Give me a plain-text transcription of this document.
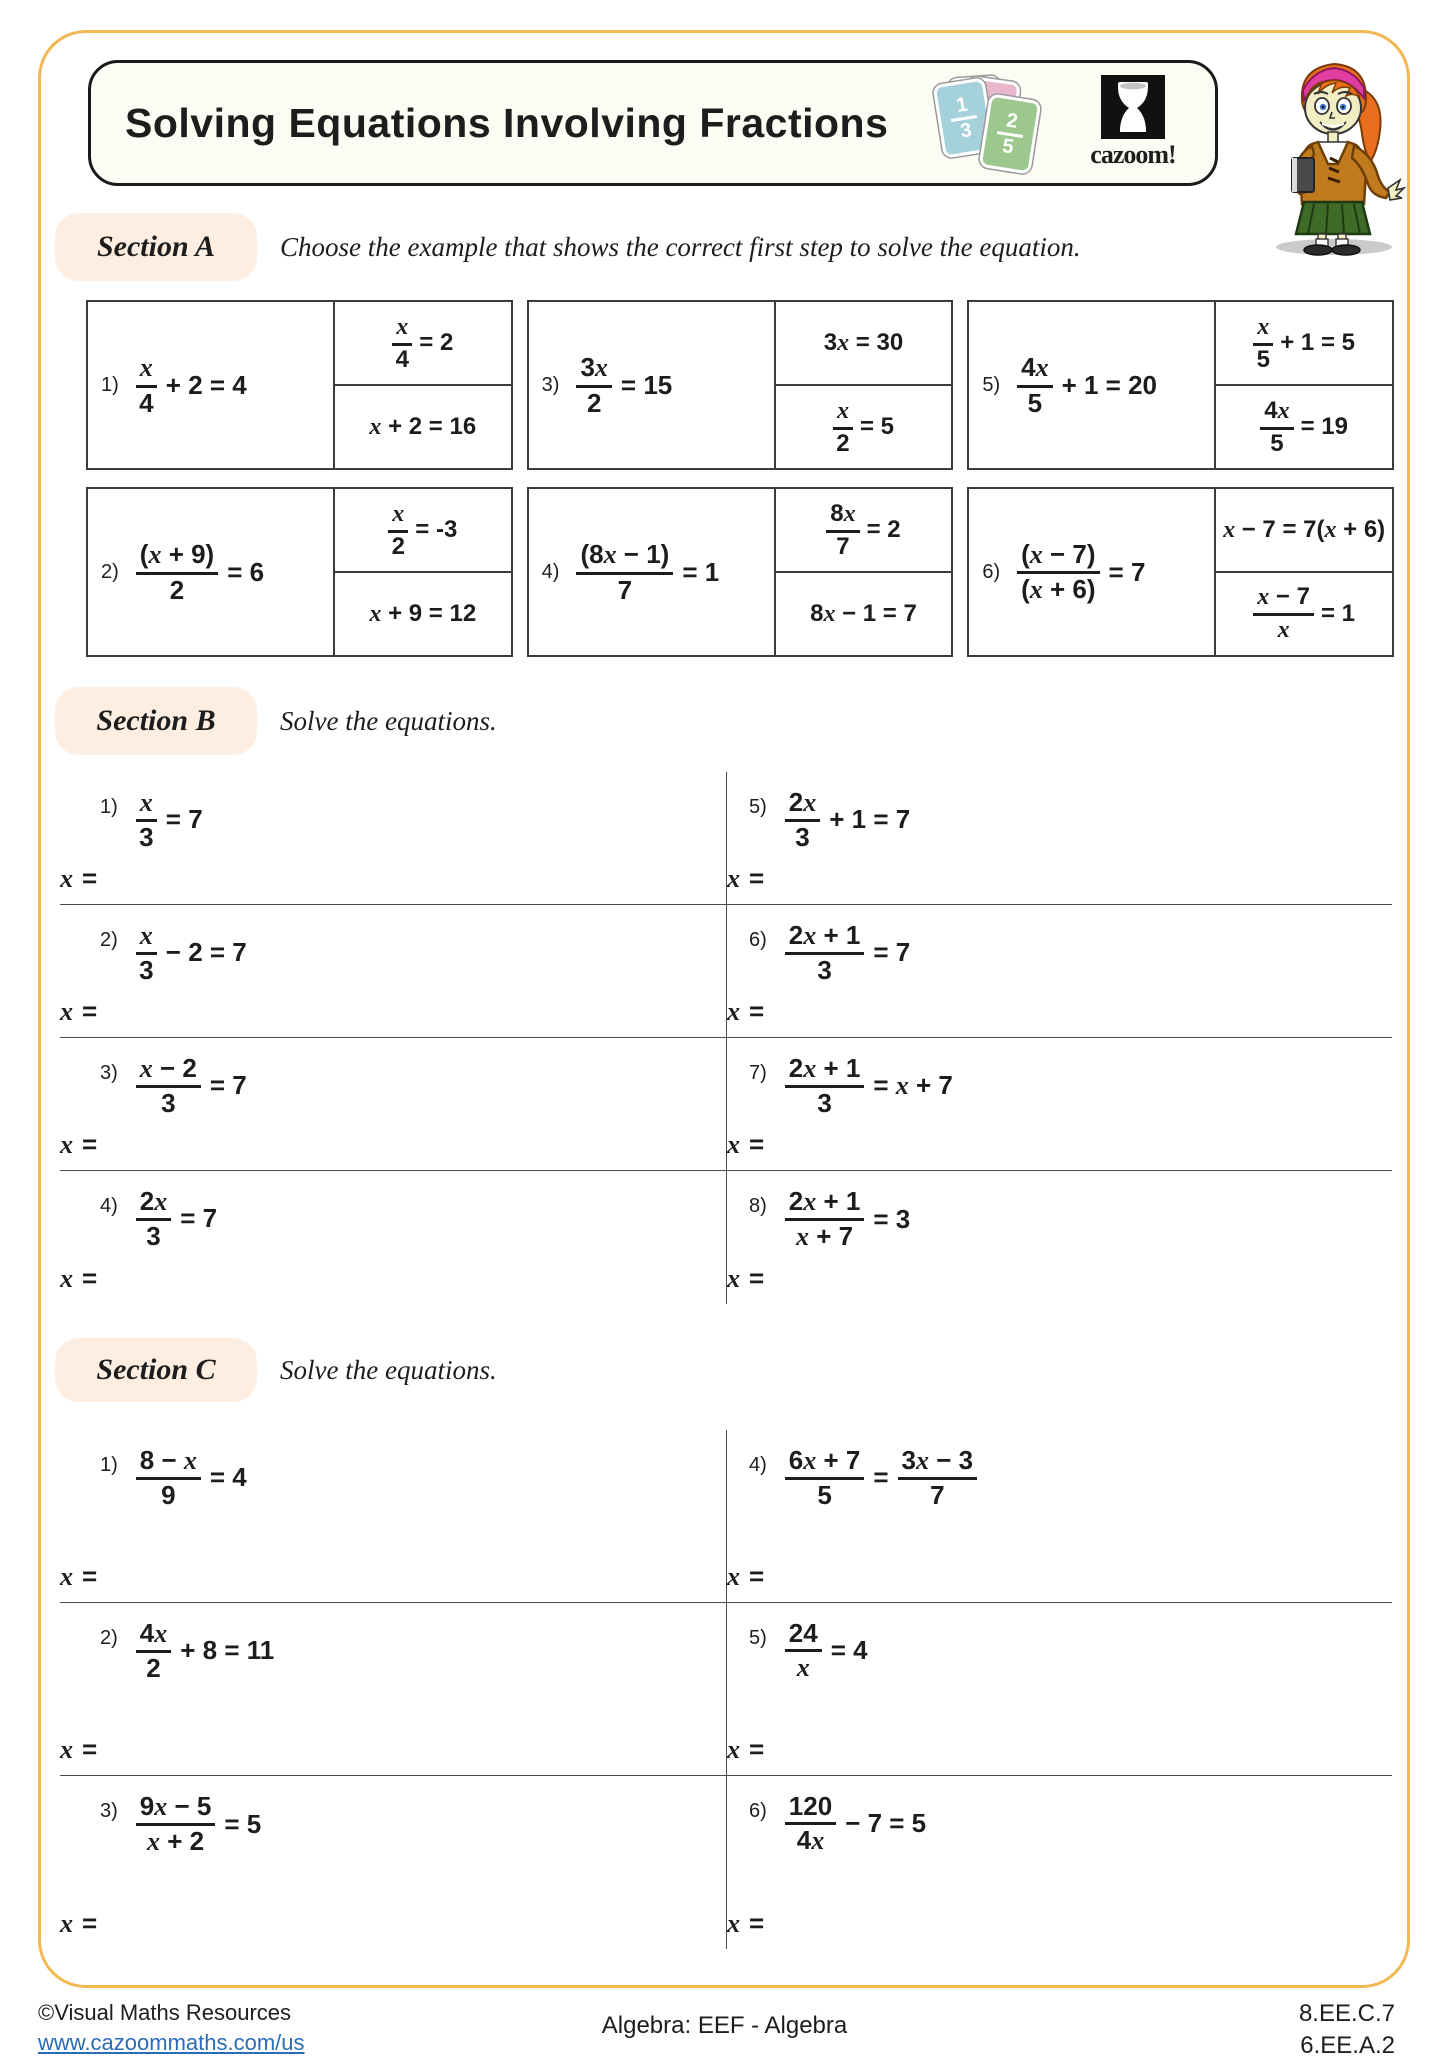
Solving Equations Involving Fractions $\frac{1}{3}$
$\frac{2}{5}$	cazoom!
Section A Choose the example that shows the correct first step to solve the equation.
$1) \frac{x}{4} + 2 = 4$
$\frac{x}{4} = 2$
x + 2 = 16
$3) \frac{3x}{2} = 15$
3x = 30
$\frac{x}{2} = 5$
$5) \frac{4x}{5} + 1 = 20$
$\frac{x}{5} + 1 = 5$
$\frac{4x}{5} = 19$
$2) \frac{(x + 9)}{2} = 6$
$\frac{x}{2} = -3$
x + 9 = 12
$4) \frac{(8x - 1)}{7} = 1$
$\frac{8x}{7} = 2$
8x − 1 = 7
$6) \frac{(x - 7)}{(x + 6)} = 7$
x − 7 = 7(x + 6)
$\frac{x - 7}{x} = 1$
Section B Solve the equations.
$1) \frac{x}{3} = 7$
x =
$5) \frac{2x}{3} + 1 = 7$
x =
$2) \frac{x}{3} - 2 = 7$
x =
$6) \frac{2x + 1}{3} = 7$
x =
$3) \frac{x - 2}{3} = 7$
x =
$7) \frac{2x + 1}{3} = x + 7$
x =
$4) \frac{2x}{3} = 7$
x =
$8) \frac{2x + 1}{x + 7} = 3$
x =
Section C Solve the equations.
$1) \frac{8 - x}{9} = 4$
x =
$4) \frac{6x + 7}{5} = \frac{3x - 3}{7}$
x =
$2) \frac{4x}{2} + 8 = 11$
x =
$5) \frac{24}{x} = 4$
x =
$3) \frac{9x - 5}{x + 2} = 5$
x =
$6) \frac{120}{4x} - 7 = 5$
x =
©Visual Maths Resources
www.cazoommaths.com/us
Algebra: EEF - Algebra	8.EE.C.7
6.EE.A.2
